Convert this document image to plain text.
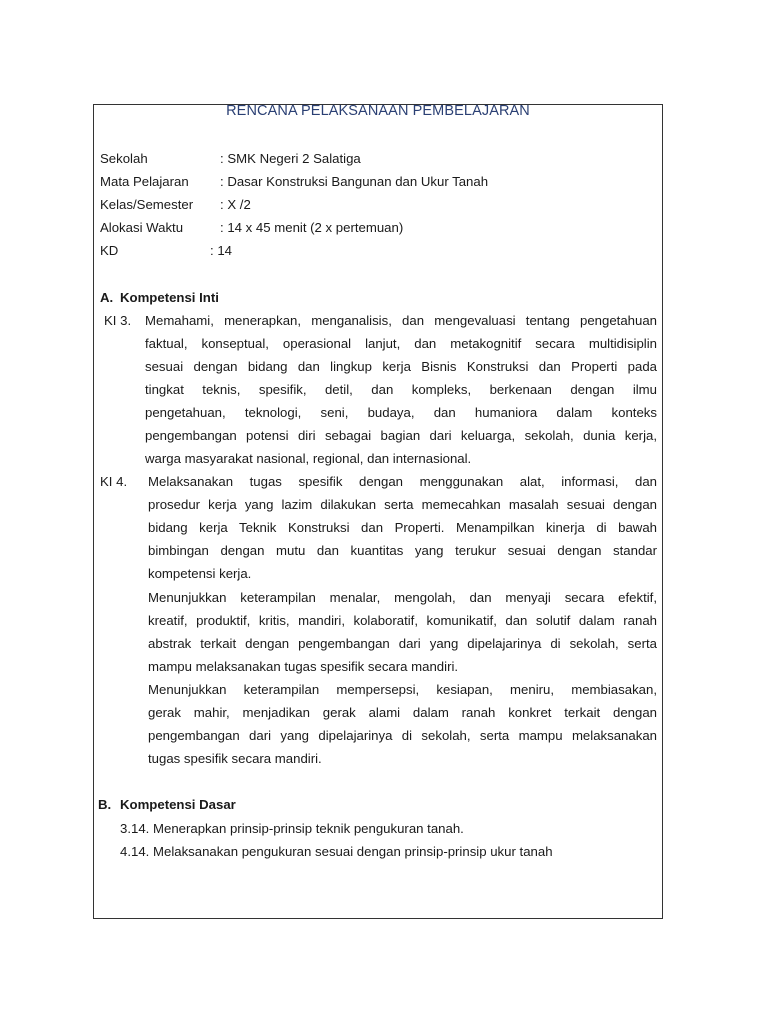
RENCANA PELAKSANAAN PEMBELAJARAN
Sekolah	: SMK Negeri 2 Salatiga
Mata Pelajaran : Dasar Konstruksi Bangunan dan Ukur Tanah
Kelas/Semester : X /2
Alokasi Waktu	: 14 x 45 menit (2 x pertemuan)
KD	: 14
A. Kompetensi Inti
KI 3. Memahami, menerapkan, menganalisis, dan mengevaluasi tentang pengetahuan
faktual, konseptual, operasional lanjut, dan metakognitif secara multidisiplin
sesuai dengan bidang dan lingkup kerja Bisnis Konstruksi dan Properti pada
tingkat teknis, spesifik, detil, dan kompleks, berkenaan dengan ilmu
pengetahuan, teknologi, seni, budaya, dan humaniora dalam konteks
pengembangan potensi diri sebagai bagian dari keluarga, sekolah, dunia kerja,
warga masyarakat nasional, regional, dan internasional.
KI 4. Melaksanakan tugas spesifik dengan menggunakan alat, informasi, dan
prosedur kerja yang lazim dilakukan serta memecahkan masalah sesuai dengan
bidang kerja Teknik Konstruksi dan Properti. Menampilkan kinerja di bawah
bimbingan dengan mutu dan kuantitas yang terukur sesuai dengan standar
kompetensi kerja.
Menunjukkan keterampilan menalar, mengolah, dan menyaji secara efektif,
kreatif, produktif, kritis, mandiri, kolaboratif, komunikatif, dan solutif dalam ranah
abstrak terkait dengan pengembangan dari yang dipelajarinya di sekolah, serta
mampu melaksanakan tugas spesifik secara mandiri.
Menunjukkan keterampilan mempersepsi, kesiapan, meniru, membiasakan,
gerak mahir, menjadikan gerak alami dalam ranah konkret terkait dengan
pengembangan dari yang dipelajarinya di sekolah, serta mampu melaksanakan
tugas spesifik secara mandiri.
B. Kompetensi Dasar
3.14. Menerapkan prinsip-prinsip teknik pengukuran tanah.
4.14. Melaksanakan pengukuran sesuai dengan prinsip-prinsip ukur tanah
